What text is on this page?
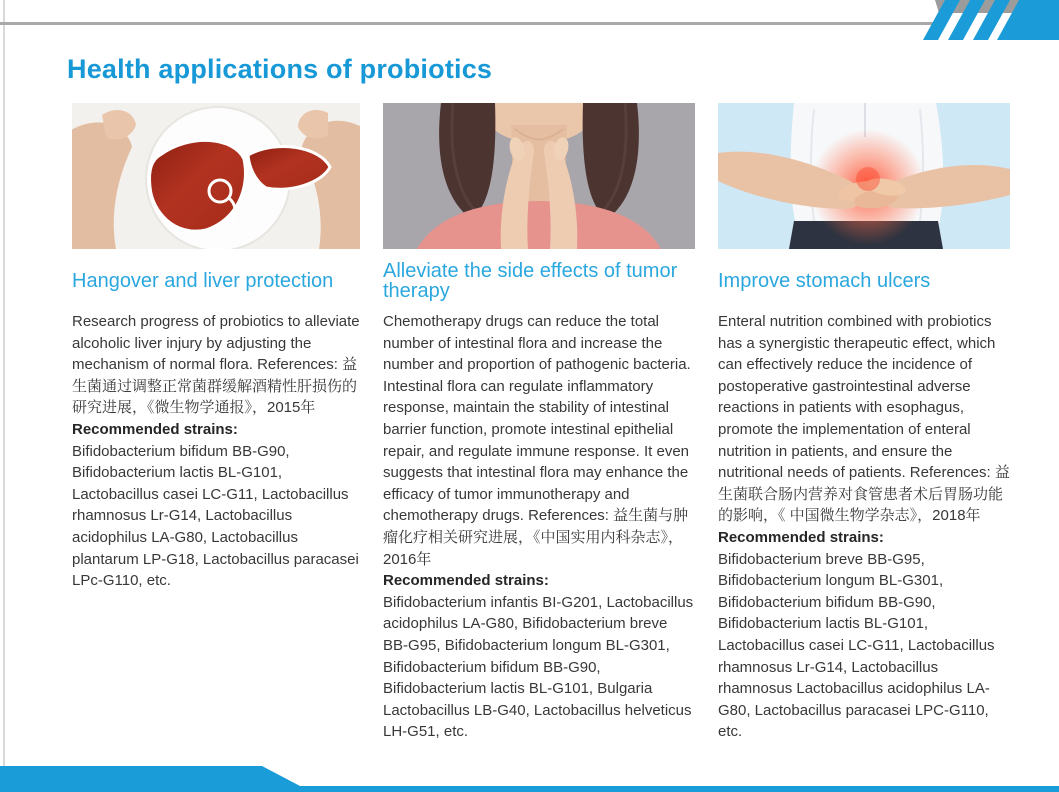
Health applications of probiotics
Hangover and liver protection

Research progress of probiotics to alleviate alcoholic liver injury by adjusting the mechanism of normal flora. References: 益生菌通过调整正常菌群缓解酒精性肝损伤的研究进展，《微生物学通报》，2015年

Recommended strains:

Bifidobacterium bifidum BB-G90, Bifidobacterium lactis BL-G101, Lactobacillus casei LC-G11, Lactobacillus rhamnosus Lr-G14, Lactobacillus acidophilus LA-G80, Lactobacillus plantarum LP-G18, Lactobacillus paracasei LPc-G110, etc.

Alleviate the side effects of tumor therapy

Chemotherapy drugs can reduce the total number of intestinal flora and increase the number and proportion of pathogenic bacteria. Intestinal flora can regulate inflammatory response, maintain the stability of intestinal barrier function, promote intestinal epithelial repair, and regulate immune response. It even suggests that intestinal flora may enhance the efficacy of tumor immunotherapy and chemotherapy drugs. References: 益生菌与肿瘤化疗相关研究进展，《中国实用内科杂志》，2016年

Recommended strains:

Bifidobacterium infantis BI-G201, Lactobacillus acidophilus LA-G80, Bifidobacterium breve BB-G95, Bifidobacterium longum BL-G301, Bifidobacterium bifidum BB-G90, Bifidobacterium lactis BL-G101, Bulgaria Lactobacillus LB-G40, Lactobacillus helveticus LH-G51, etc.

Improve stomach ulcers

Enteral nutrition combined with probiotics has a synergistic therapeutic effect, which can effectively reduce the incidence of postoperative gastrointestinal adverse reactions in patients with esophagus, promote the implementation of enteral nutrition in patients, and ensure the nutritional needs of patients. References: 益生菌联合肠内营养对食管患者术后胃肠功能的影响，《 中国微生物学杂志》，2018年

Recommended strains:

Bifidobacterium breve BB-G95, Bifidobacterium longum BL-G301, Bifidobacterium bifidum BB-G90, Bifidobacterium lactis BL-G101, Lactobacillus casei LC-G11, Lactobacillus rhamnosus Lr-G14, Lactobacillus rhamnosus Lactobacillus acidophilus LA-G80, Lactobacillus paracasei LPC-G110, etc.
